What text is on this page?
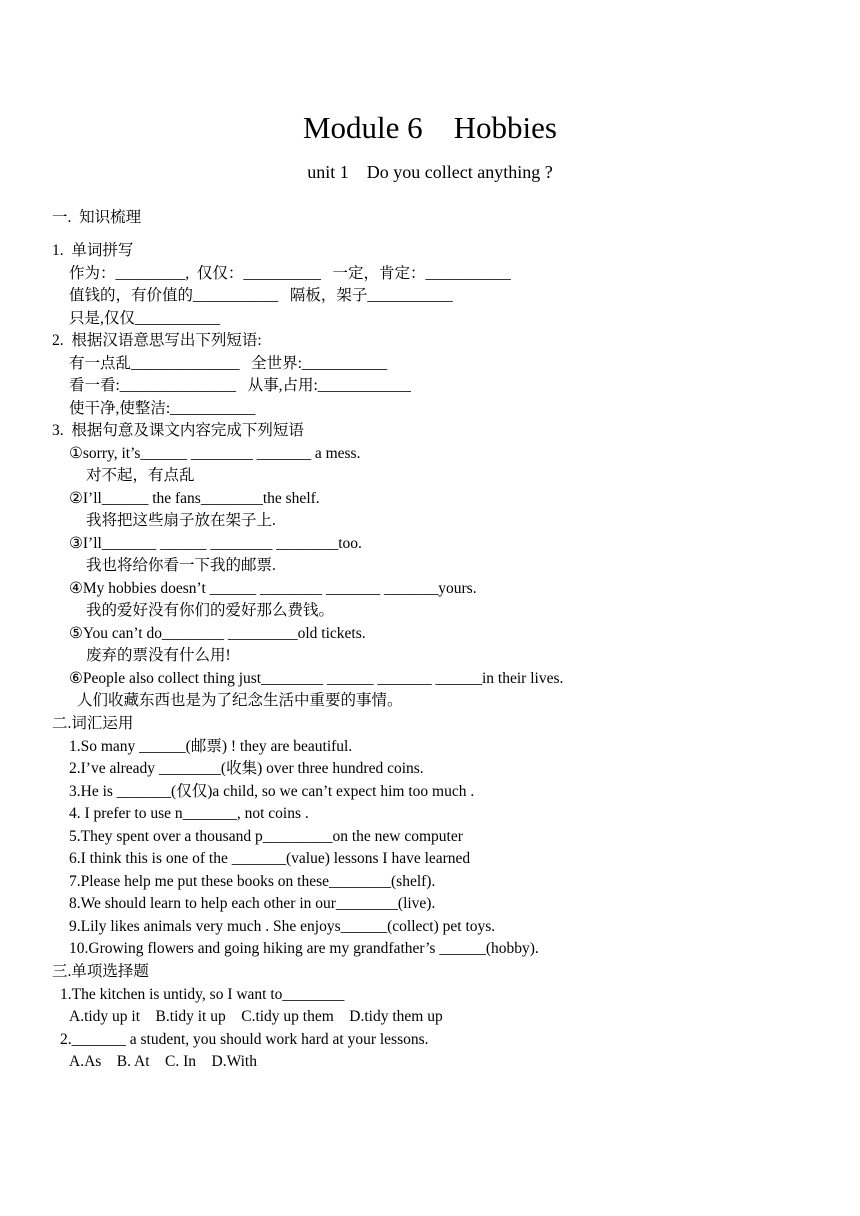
Module 6    Hobbies
unit 1    Do you collect anything ?
一.  知识梳理
1.  单词拼写
作为：_________,  仅仅：__________   一定，肯定：___________
值钱的，有价值的___________   隔板，架子___________
只是,仅仅___________
2.  根据汉语意思写出下列短语:
有一点乱______________   全世界:___________
看一看:_______________   从事,占用:____________
使干净,使整洁:___________
3.  根据句意及课文内容完成下列短语
①sorry, it’s______ ________ _______ a mess.
对不起，有点乱
②I’ll______ the fans________the shelf.
我将把这些扇子放在架子上.
③I’ll_______ ______ ________ ________too.
我也将给你看一下我的邮票.
④My hobbies doesn’t ______ ________ _______ _______yours.
我的爱好没有你们的爱好那么费钱。
⑤You can’t do________ _________old tickets.
废弃的票没有什么用!
⑥People also collect thing just________ ______ _______ ______in their lives.
人们收藏东西也是为了纪念生活中重要的事情。
二.词汇运用
1.So many ______(邮票) ! they are beautiful.
2.I’ve already ________(收集) over three hundred coins.
3.He is _______(仅仅)a child, so we can’t expect him too much .
4. I prefer to use n_______, not coins .
5.They spent over a thousand p_________on the new computer
6.I think this is one of the _______(value) lessons I have learned
7.Please help me put these books on these________(shelf).
8.We should learn to help each other in our________(live).
9.Lily likes animals very much . She enjoys______(collect) pet toys.
10.Growing flowers and going hiking are my grandfather’s ______(hobby).
三.单项选择题
1.The kitchen is untidy, so I want to________
A.tidy up it    B.tidy it up    C.tidy up them    D.tidy them up
2._______ a student, you should work hard at your lessons.
A.As    B. At    C. In    D.With
